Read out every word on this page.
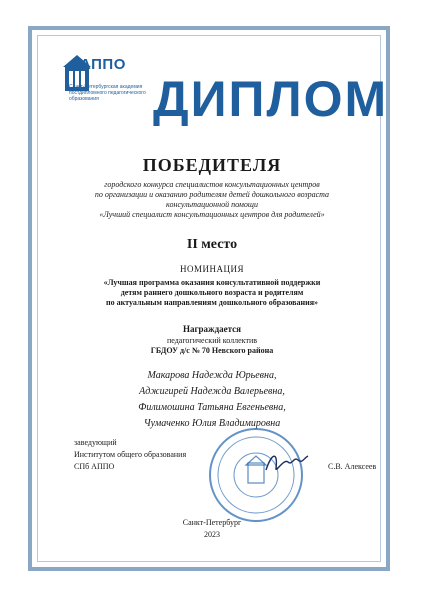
АППО
Санкт-Петербургская академия постдипломного педагогического образования	ДИПЛОМ
ПОБЕДИТЕЛЯ
городского конкурса специалистов консультационных центров
по организации и оказанию родителям детей дошкольного возраста
консультационной помощи
«Лучший специалист консультационных центров для родителей»
II место
НОМИНАЦИЯ
«Лучшая программа оказания консультативной поддержки
детям раннего дошкольного возраста и родителям
по актуальным направлениям дошкольного образования»
Награждается
педагогический коллектив
ГБДОУ д/с № 70 Невского района
Макарова Надежда Юрьевна,
Аджигирей Надежда Валерьевна,
Филимошина Татьяна Евгеньевна,
Чумаченко Юлия Владимировна
заведующий
Институтом общего образования
СПб АППО	С.В. Алексеев
Санкт-Петербург
2023
